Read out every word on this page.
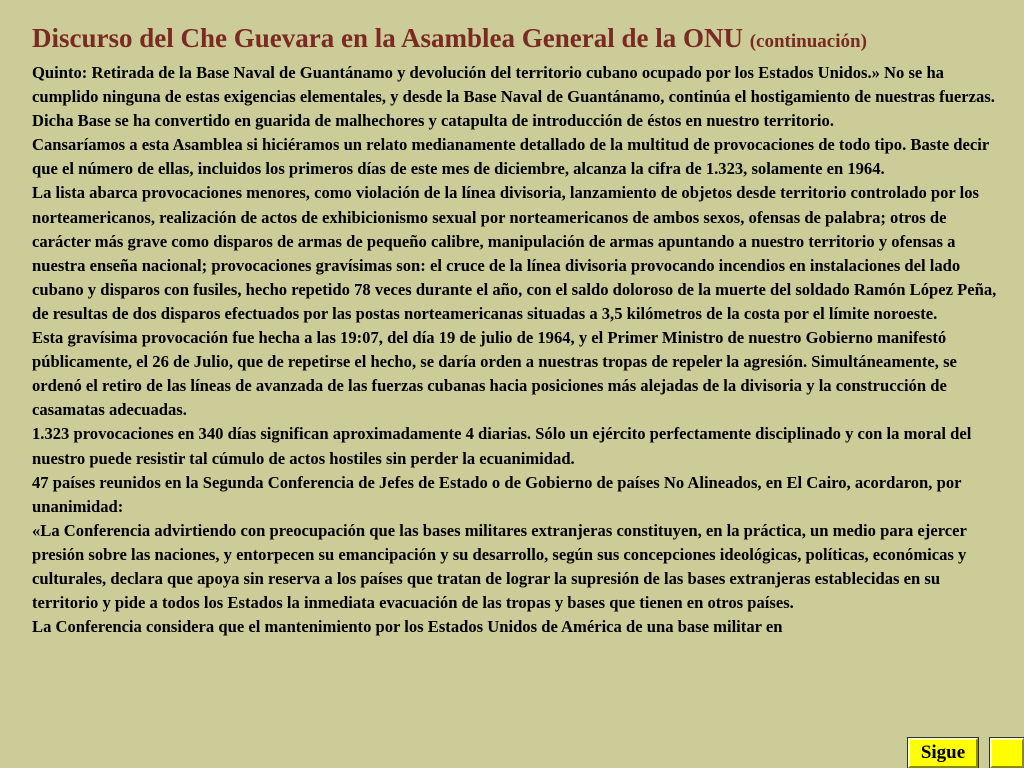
Discurso del Che Guevara en la Asamblea General de la ONU (continuación)

Quinto: Retirada de la Base Naval de Guantánamo y devolución del territorio cubano ocupado por los Estados Unidos.» No se ha cumplido ninguna de estas exigencias elementales, y desde la Base Naval de Guantánamo, continúa el hostigamiento de nuestras fuerzas. Dicha Base se ha convertido en guarida de malhechores y catapulta de introducción de éstos en nuestro territorio.

Cansaríamos a esta Asamblea si hiciéramos un relato medianamente detallado de la multitud de provocaciones de todo tipo. Baste decir que el número de ellas, incluidos los primeros días de este mes de diciembre, alcanza la cifra de 1.323, solamente en 1964.

La lista abarca provocaciones menores, como violación de la línea divisoria, lanzamiento de objetos desde territorio controlado por los norteamericanos, realización de actos de exhibicionismo sexual por norteamericanos de ambos sexos, ofensas de palabra; otros de carácter más grave como disparos de armas de pequeño calibre, manipulación de armas apuntando a nuestro territorio y ofensas a nuestra enseña nacional; provocaciones gravísimas son: el cruce de la línea divisoria provocando incendios en instalaciones del lado cubano y disparos con fusiles, hecho repetido 78 veces durante el año, con el saldo doloroso de la muerte del soldado Ramón López Peña, de resultas de dos disparos efectuados por las postas norteamericanas situadas a 3,5 kilómetros de la costa por el límite noroeste.

Esta gravísima provocación fue hecha a las 19:07, del día 19 de julio de 1964, y el Primer Ministro de nuestro Gobierno manifestó públicamente, el 26 de Julio, que de repetirse el hecho, se daría orden a nuestras tropas de repeler la agresión. Simultáneamente, se ordenó el retiro de las líneas de avanzada de las fuerzas cubanas hacia posiciones más alejadas de la divisoria y la construcción de casamatas adecuadas.

1.323 provocaciones en 340 días significan aproximadamente 4 diarias. Sólo un ejército perfectamente disciplinado y con la moral del nuestro puede resistir tal cúmulo de actos hostiles sin perder la ecuanimidad.

47 países reunidos en la Segunda Conferencia de Jefes de Estado o de Gobierno de países No Alineados, en El Cairo, acordaron, por unanimidad:

«La Conferencia advirtiendo con preocupación que las bases militares extranjeras constituyen, en la práctica, un medio para ejercer presión sobre las naciones, y entorpecen su emancipación y su desarrollo, según sus concepciones ideológicas, políticas, económicas y culturales, declara que apoya sin reserva a los países que tratan de lograr la supresión de las bases extranjeras establecidas en su territorio y pide a todos los Estados la inmediata evacuación de las tropas y bases que tienen en otros países.

La Conferencia considera que el mantenimiento por los Estados Unidos de América de una base militar en

Sigue
